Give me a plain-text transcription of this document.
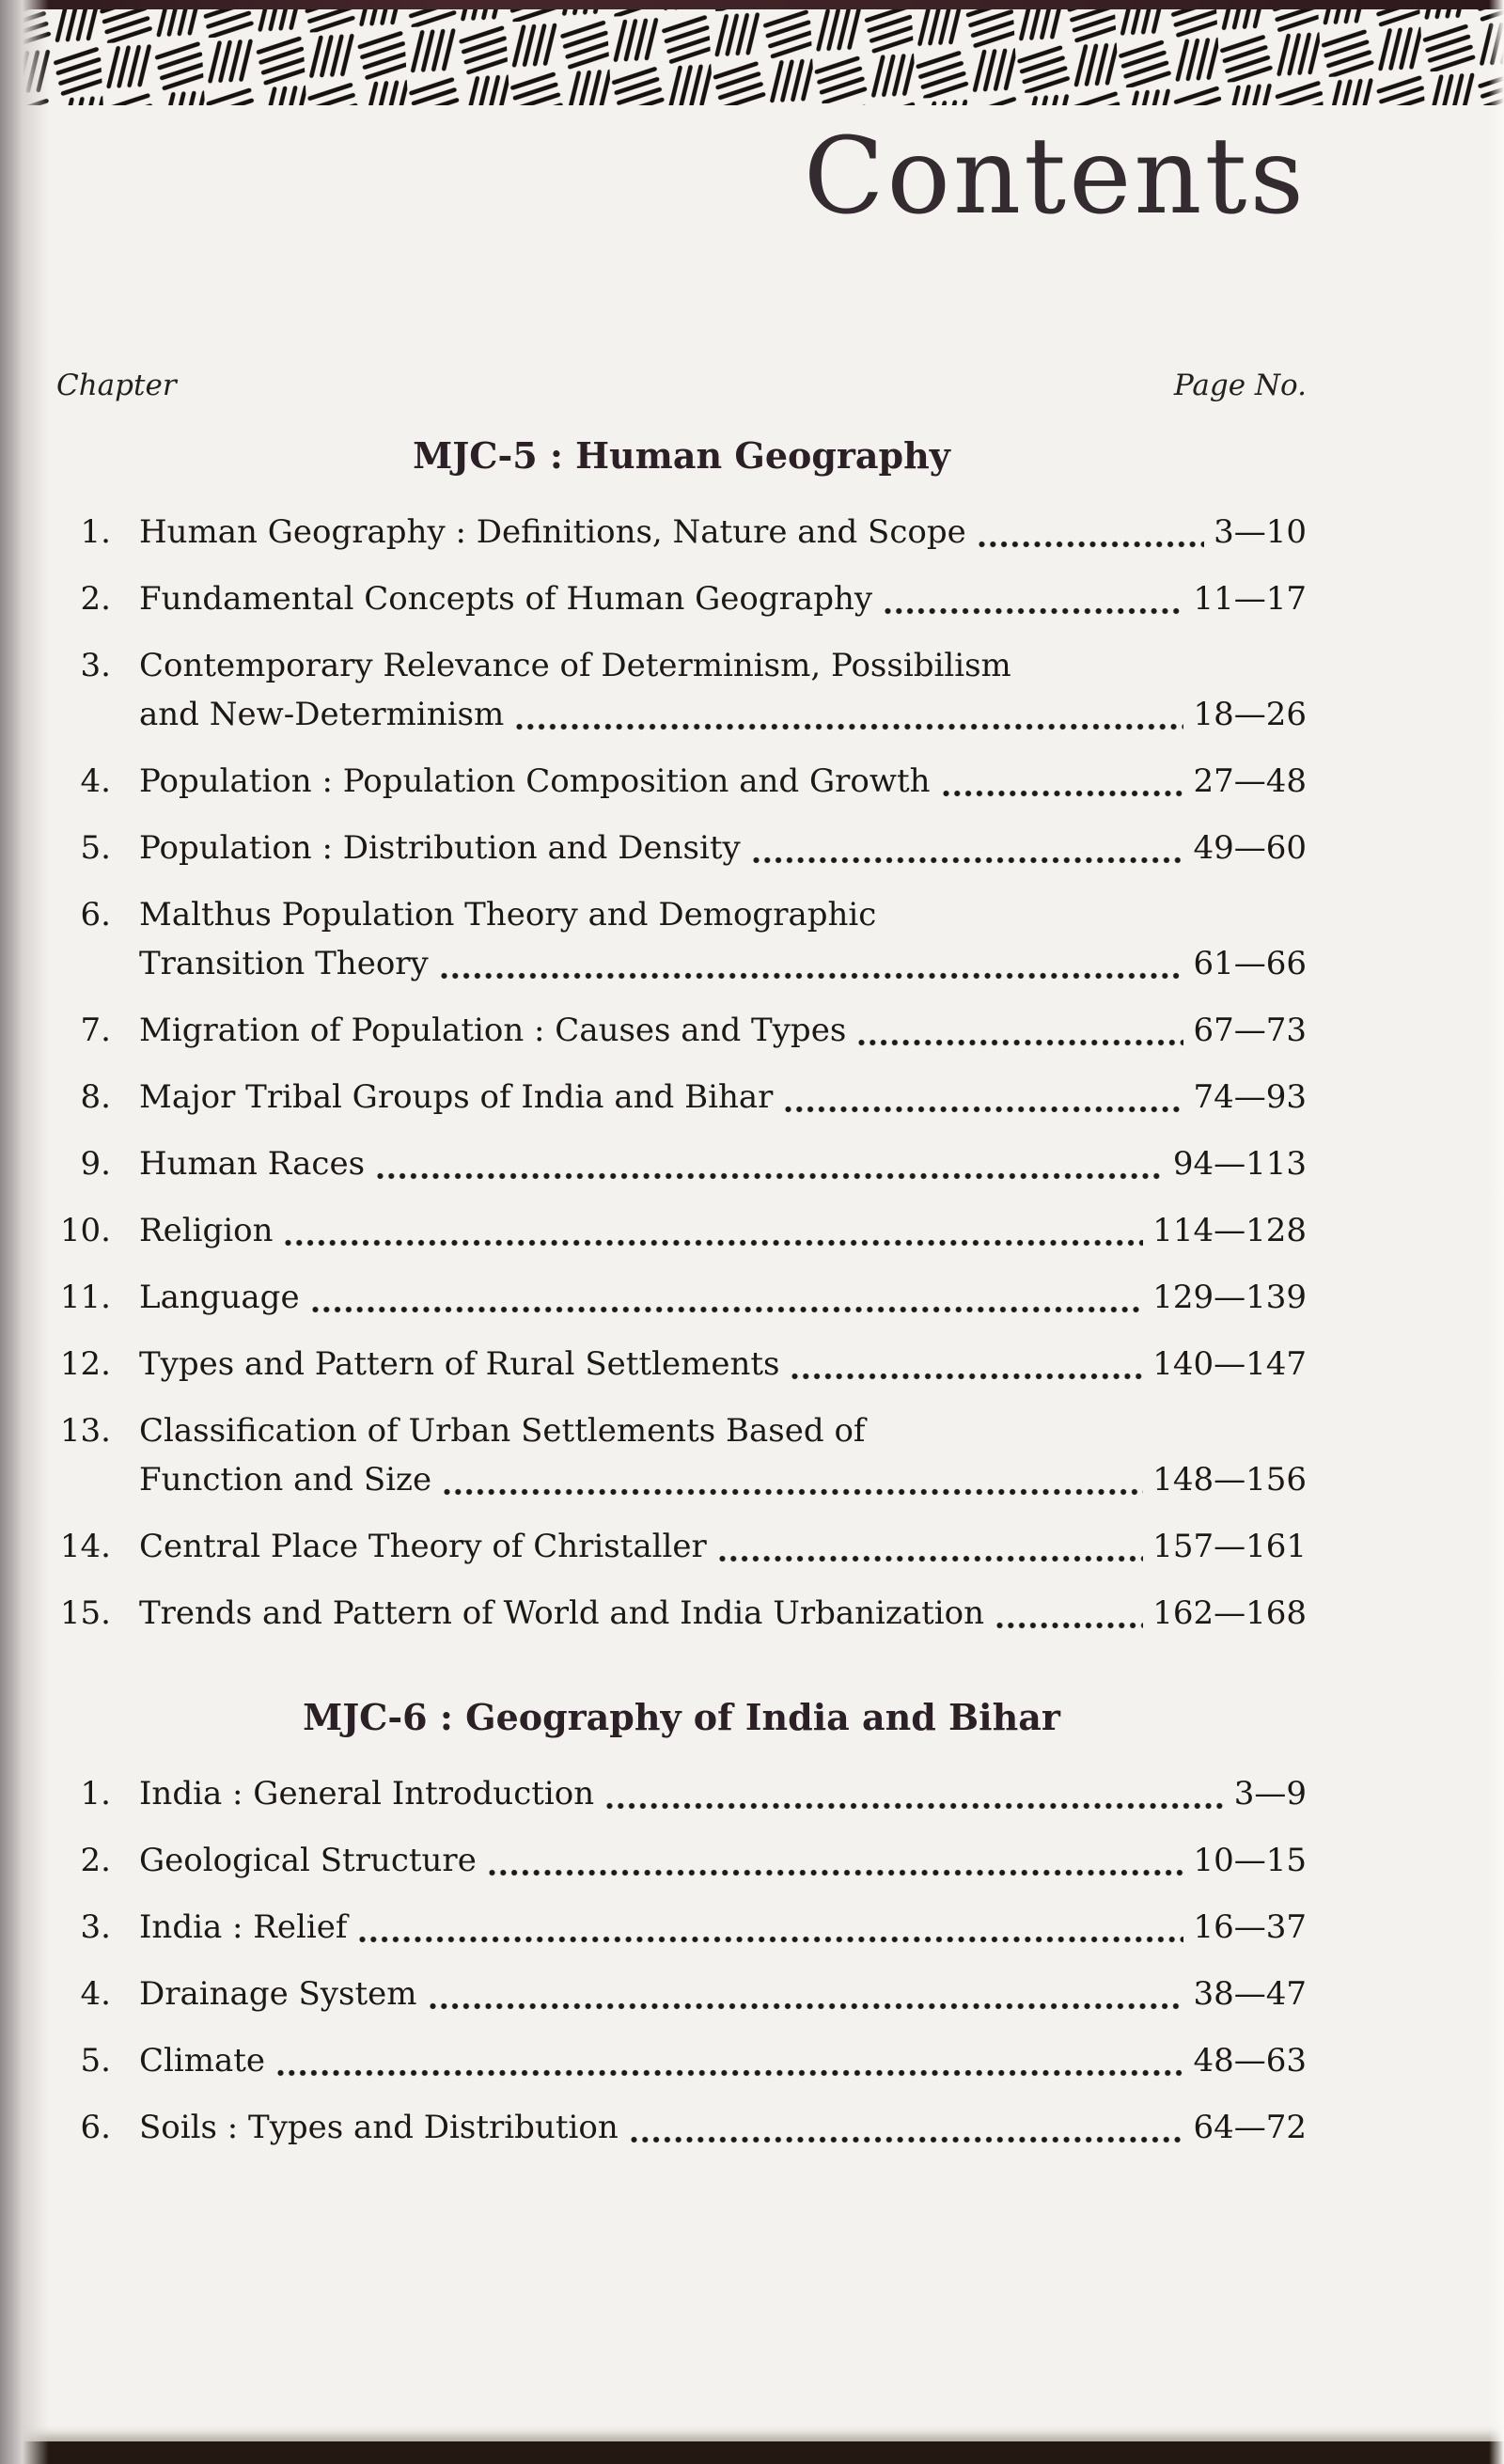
Contents
Chapter	Page No.
MJC-5 : Human Geography
1. Human Geography : Definitions, Nature and Scope	3—10
2. Fundamental Concepts of Human Geography	11—17
3. Contemporary Relevance of Determinism, Possibilism
and New-Determinism	18—26
4. Population : Population Composition and Growth	27—48
5. Population : Distribution and Density	49—60
6. Malthus Population Theory and Demographic
Transition Theory	61—66
7. Migration of Population : Causes and Types	67—73
8. Major Tribal Groups of India and Bihar	74—93
9. Human Races	94—113
10. Religion	114—128
11. Language	129—139
12. Types and Pattern of Rural Settlements	140—147
13. Classification of Urban Settlements Based of
Function and Size	148—156
14. Central Place Theory of Christaller	157—161
15. Trends and Pattern of World and India Urbanization	162—168
MJC-6 : Geography of India and Bihar
1. India : General Introduction	3—9
2. Geological Structure	10—15
3. India : Relief	16—37
4. Drainage System	38—47
5. Climate	48—63
6. Soils : Types and Distribution	64—72
